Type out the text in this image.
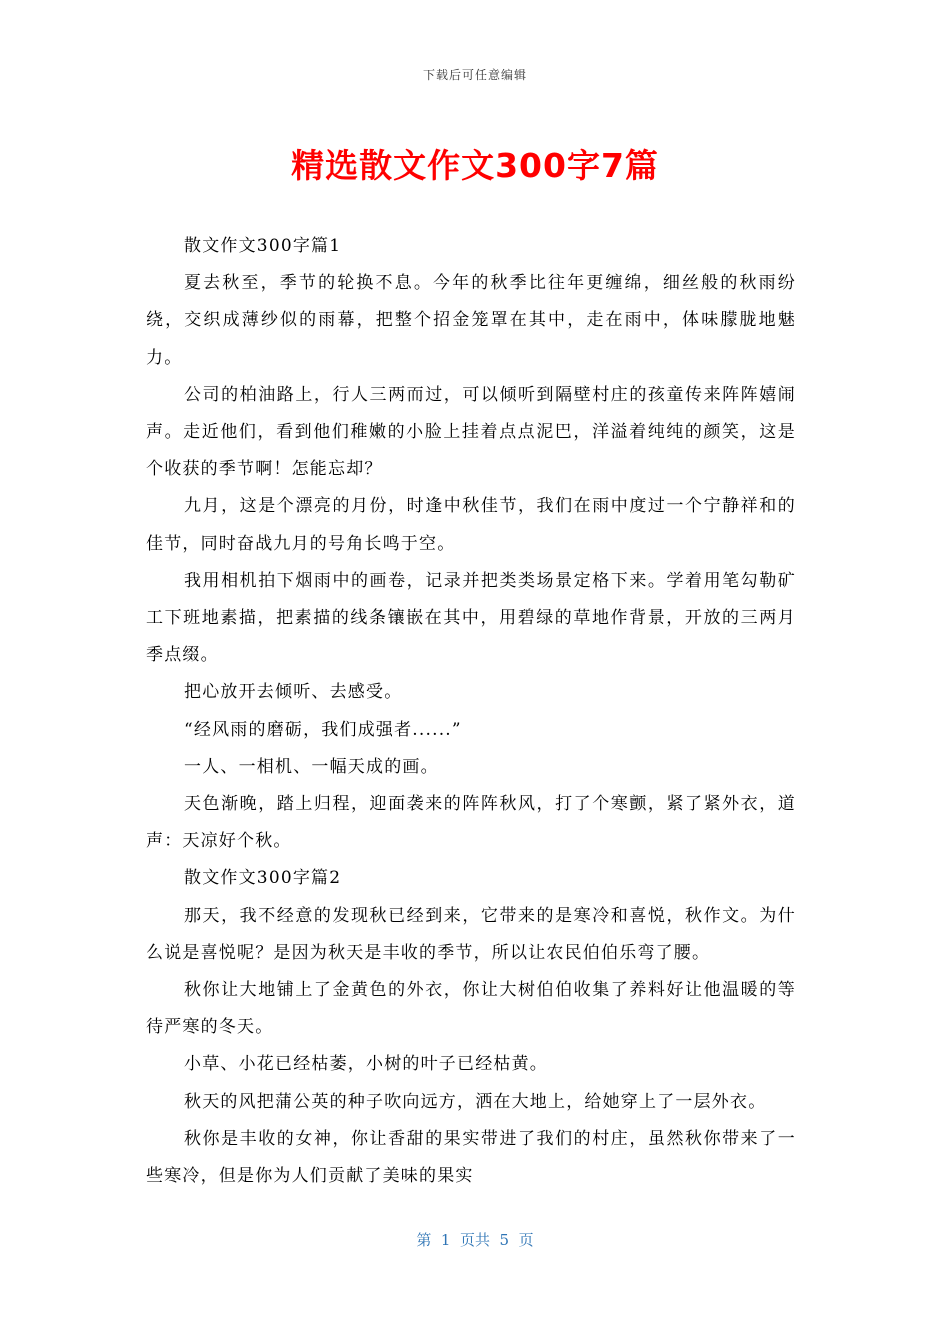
下载后可任意编辑
精选散文作文300字7篇

散文作文300字篇1

夏去秋至，季节的轮换不息。今年的秋季比往年更缠绵，细丝般的秋雨纷绕，交织成薄纱似的雨幕，把整个招金笼罩在其中，走在雨中，体味朦胧地魅力。

公司的柏油路上，行人三两而过，可以倾听到隔壁村庄的孩童传来阵阵嬉闹声。走近他们，看到他们稚嫩的小脸上挂着点点泥巴，洋溢着纯纯的颜笑，这是个收获的季节啊！怎能忘却？

九月，这是个漂亮的月份，时逢中秋佳节，我们在雨中度过一个宁静祥和的佳节，同时奋战九月的号角长鸣于空。

我用相机拍下烟雨中的画卷，记录并把类类场景定格下来。学着用笔勾勒矿工下班地素描，把素描的线条镶嵌在其中，用碧绿的草地作背景，开放的三两月季点缀。

把心放开去倾听、去感受。

“经风雨的磨砺，我们成强者......”

一人、一相机、一幅天成的画。

天色渐晚，踏上归程，迎面袭来的阵阵秋风，打了个寒颤，紧了紧外衣，道声：天凉好个秋。

散文作文300字篇2

那天，我不经意的发现秋已经到来，它带来的是寒冷和喜悦，秋作文。为什么说是喜悦呢？是因为秋天是丰收的季节，所以让农民伯伯乐弯了腰。

秋你让大地铺上了金黄色的外衣，你让大树伯伯收集了养料好让他温暖的等待严寒的冬天。

小草、小花已经枯萎，小树的叶子已经枯黄。

秋天的风把蒲公英的种子吹向远方，洒在大地上，给她穿上了一层外衣。

秋你是丰收的女神，你让香甜的果实带进了我们的村庄，虽然秋你带来了一些寒冷，但是你为人们贡献了美味的果实

第  1  页共  5  页
